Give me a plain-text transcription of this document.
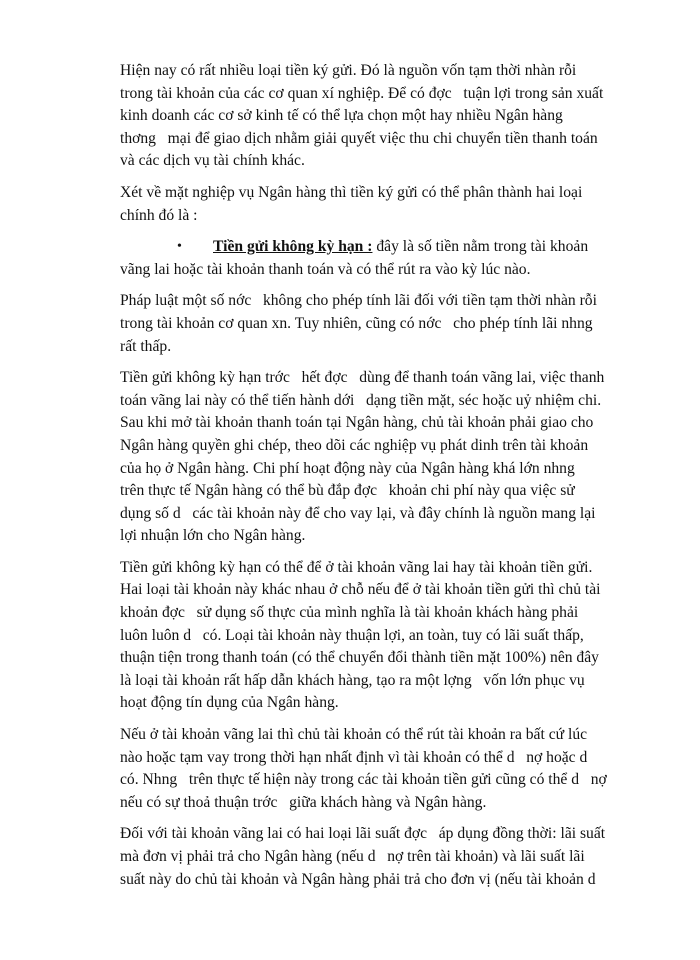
Hiện nay có rất nhiều loại tiền ký gửi. Đó là nguồn vốn tạm thời nhàn rỗi
trong tài khoản của các cơ quan xí nghiệp. Để có đợc   tuận lợi trong sản xuất
kinh doanh các cơ sở kinh tế có thể lựa chọn một hay nhiều Ngân hàng
thơng   mại để giao dịch nhằm giải quyết việc thu chi chuyển tiền thanh toán
và các dịch vụ tài chính khác.

Xét về mặt nghiệp vụ Ngân hàng thì tiền ký gửi có thể phân thành hai loại
chính đó là :

• Tiền gửi không kỳ hạn : đây là số tiền nằm trong tài khoản
vãng lai hoặc tài khoản thanh toán và có thể rút ra vào kỳ lúc nào.

Pháp luật một số nớc   không cho phép tính lãi đối với tiền tạm thời nhàn rỗi
trong tài khoản cơ quan xn. Tuy nhiên, cũng có nớc   cho phép tính lãi nhng
rất thấp.

Tiền gửi không kỳ hạn trớc   hết đợc   dùng để thanh toán vãng lai, việc thanh
toán vãng lai này có thể tiến hành dới   dạng tiền mặt, séc hoặc uỷ nhiệm chi.
Sau khi mở tài khoản thanh toán tại Ngân hàng, chủ tài khoản phải giao cho
Ngân hàng quyền ghi chép, theo dõi các nghiệp vụ phát dinh trên tài khoản
của họ ở Ngân hàng. Chi phí hoạt động này của Ngân hàng khá lớn nhng
trên thực tế Ngân hàng có thể bù đắp đợc   khoản chi phí này qua việc sử
dụng số d   các tài khoản này để cho vay lại, và đây chính là nguồn mang lại
lợi nhuận lớn cho Ngân hàng.

Tiền gửi không kỳ hạn có thể để ở tài khoản vãng lai hay tài khoản tiền gửi.
Hai loại tài khoản này khác nhau ở chỗ nếu để ở tài khoản tiền gửi thì chủ tài
khoản đợc   sử dụng số thực của mình nghĩa là tài khoản khách hàng phải
luôn luôn d   có. Loại tài khoản này thuận lợi, an toàn, tuy có lãi suất thấp,
thuận tiện trong thanh toán (có thể chuyển đổi thành tiền mặt 100%) nên đây
là loại tài khoản rất hấp dẫn khách hàng, tạo ra một lợng   vốn lớn phục vụ
hoạt động tín dụng của Ngân hàng.

Nếu ở tài khoản vãng lai thì chủ tài khoản có thể rút tài khoản ra bất cứ lúc
nào hoặc tạm vay trong thời hạn nhất định vì tài khoản có thể d   nợ hoặc d
có. Nhng   trên thực tế hiện này trong các tài khoản tiền gửi cũng có thể d   nợ
nếu có sự thoả thuận trớc   giữa khách hàng và Ngân hàng.

Đối với tài khoản vãng lai có hai loại lãi suất đợc   áp dụng đồng thời: lãi suất
mà đơn vị phải trả cho Ngân hàng (nếu d   nợ trên tài khoản) và lãi suất lãi
suất này do chủ tài khoản và Ngân hàng phải trả cho đơn vị (nếu tài khoản d
